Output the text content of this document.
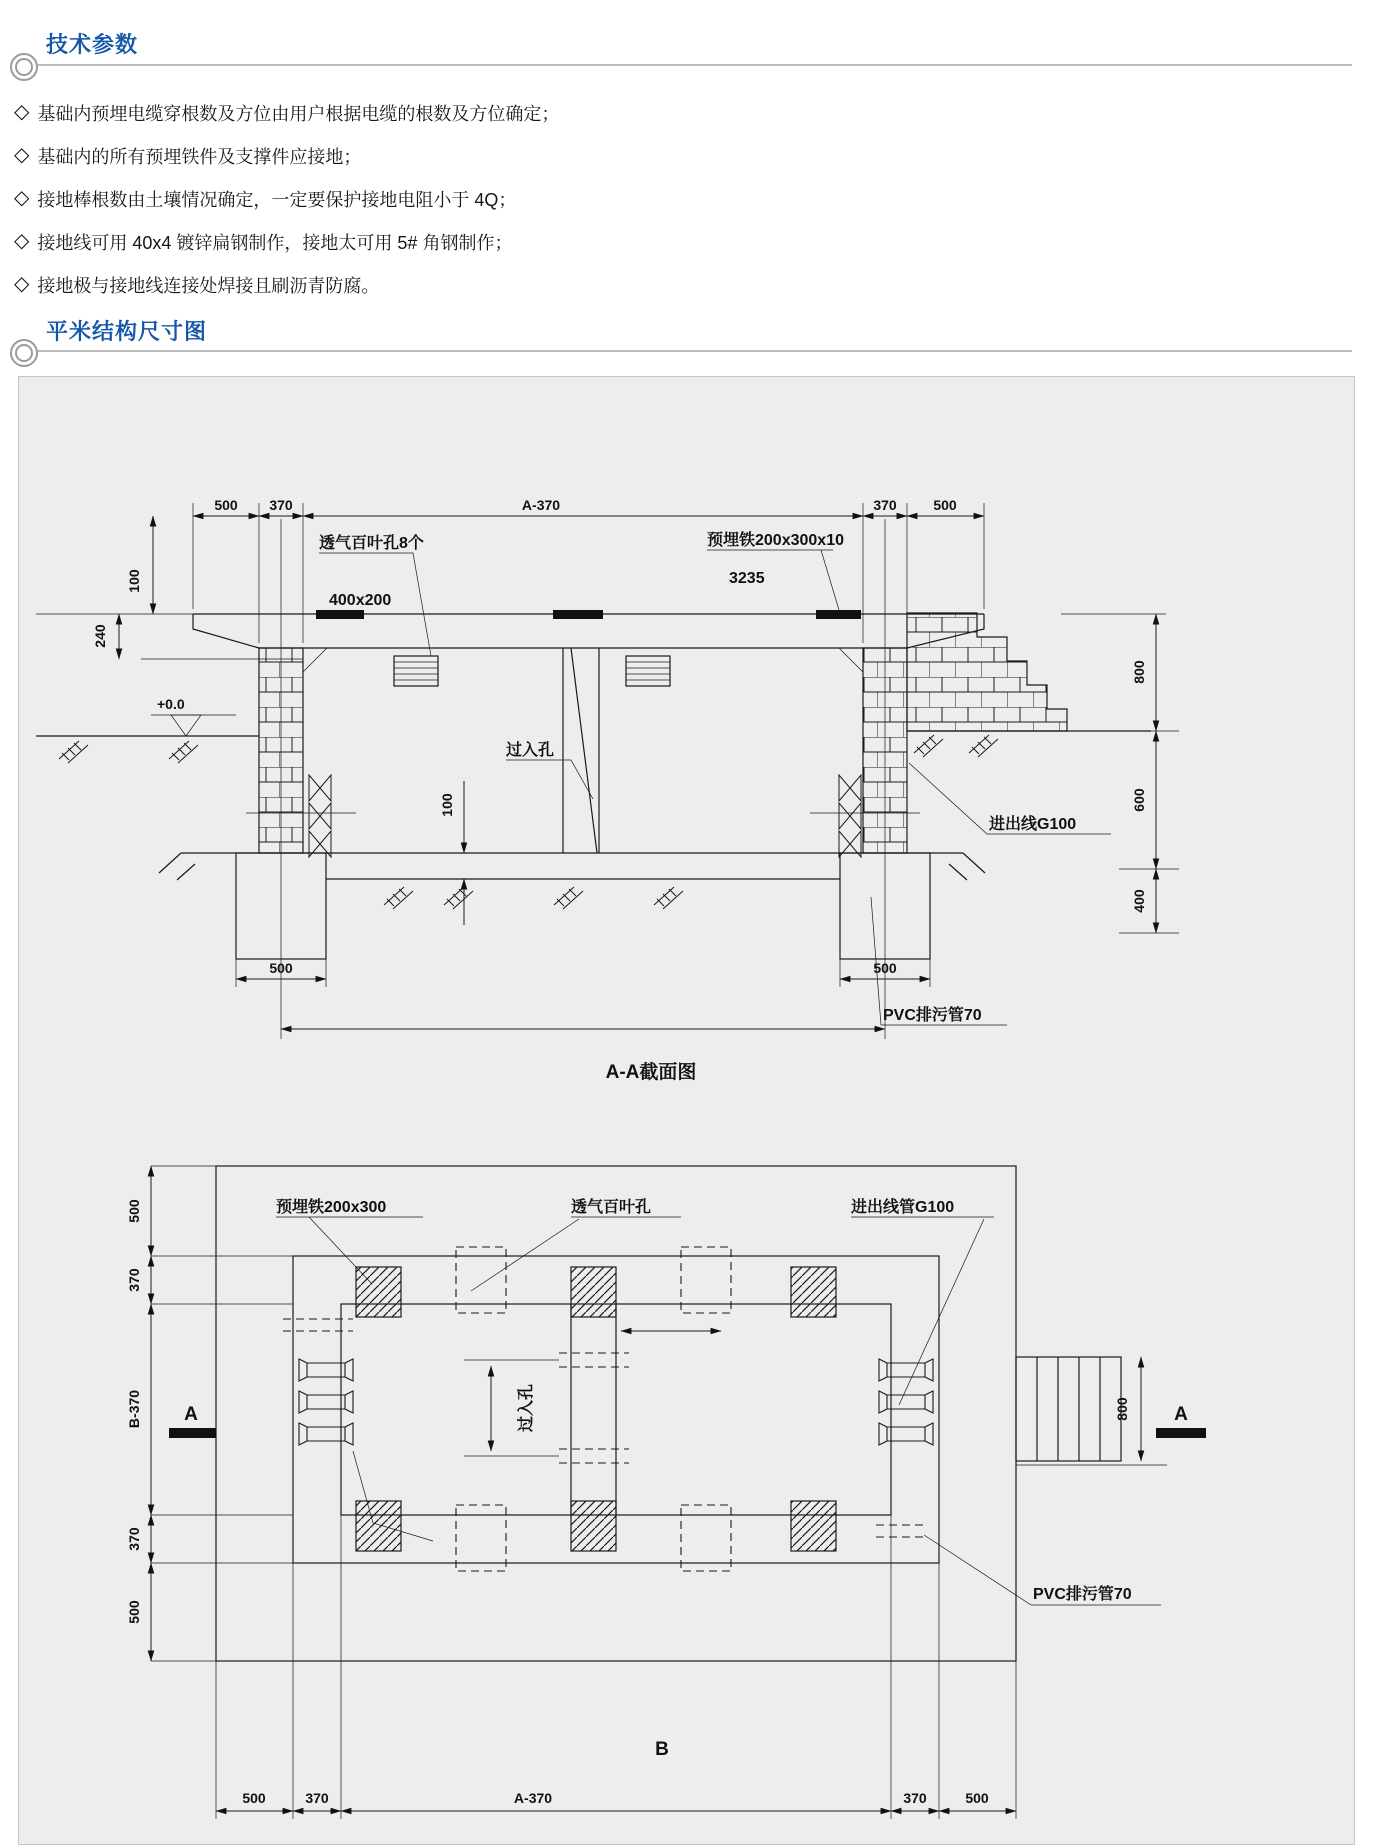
技术参数
◇ 基础内预埋电缆穿根数及方位由用户根据电缆的根数及方位确定；
◇ 基础内的所有预埋铁件及支撑件应接地；
◇ 接地棒根数由土壤情况确定，一定要保护接地电阻小于 4Q；
◇ 接地线可用 40x4 镀锌扁钢制作，接地太可用 5# 角钢制作；
◇ 接地极与接地线连接处焊接且刷沥青防腐。
平米结构尺寸图
500 370	A-370	370	500
100
240
400x200
+0.0
100
500	500
800
600
400
透气百叶孔8个	预埋铁200x300x10
3235
过入孔
进出线G100
PVC排污管70
A-A截面图
过入孔	800
A	A
500
370
B-370
370
500
500	370	A-370	370	500
B
预埋铁200x300	透气百叶孔	进出线管G100
PVC排污管70
